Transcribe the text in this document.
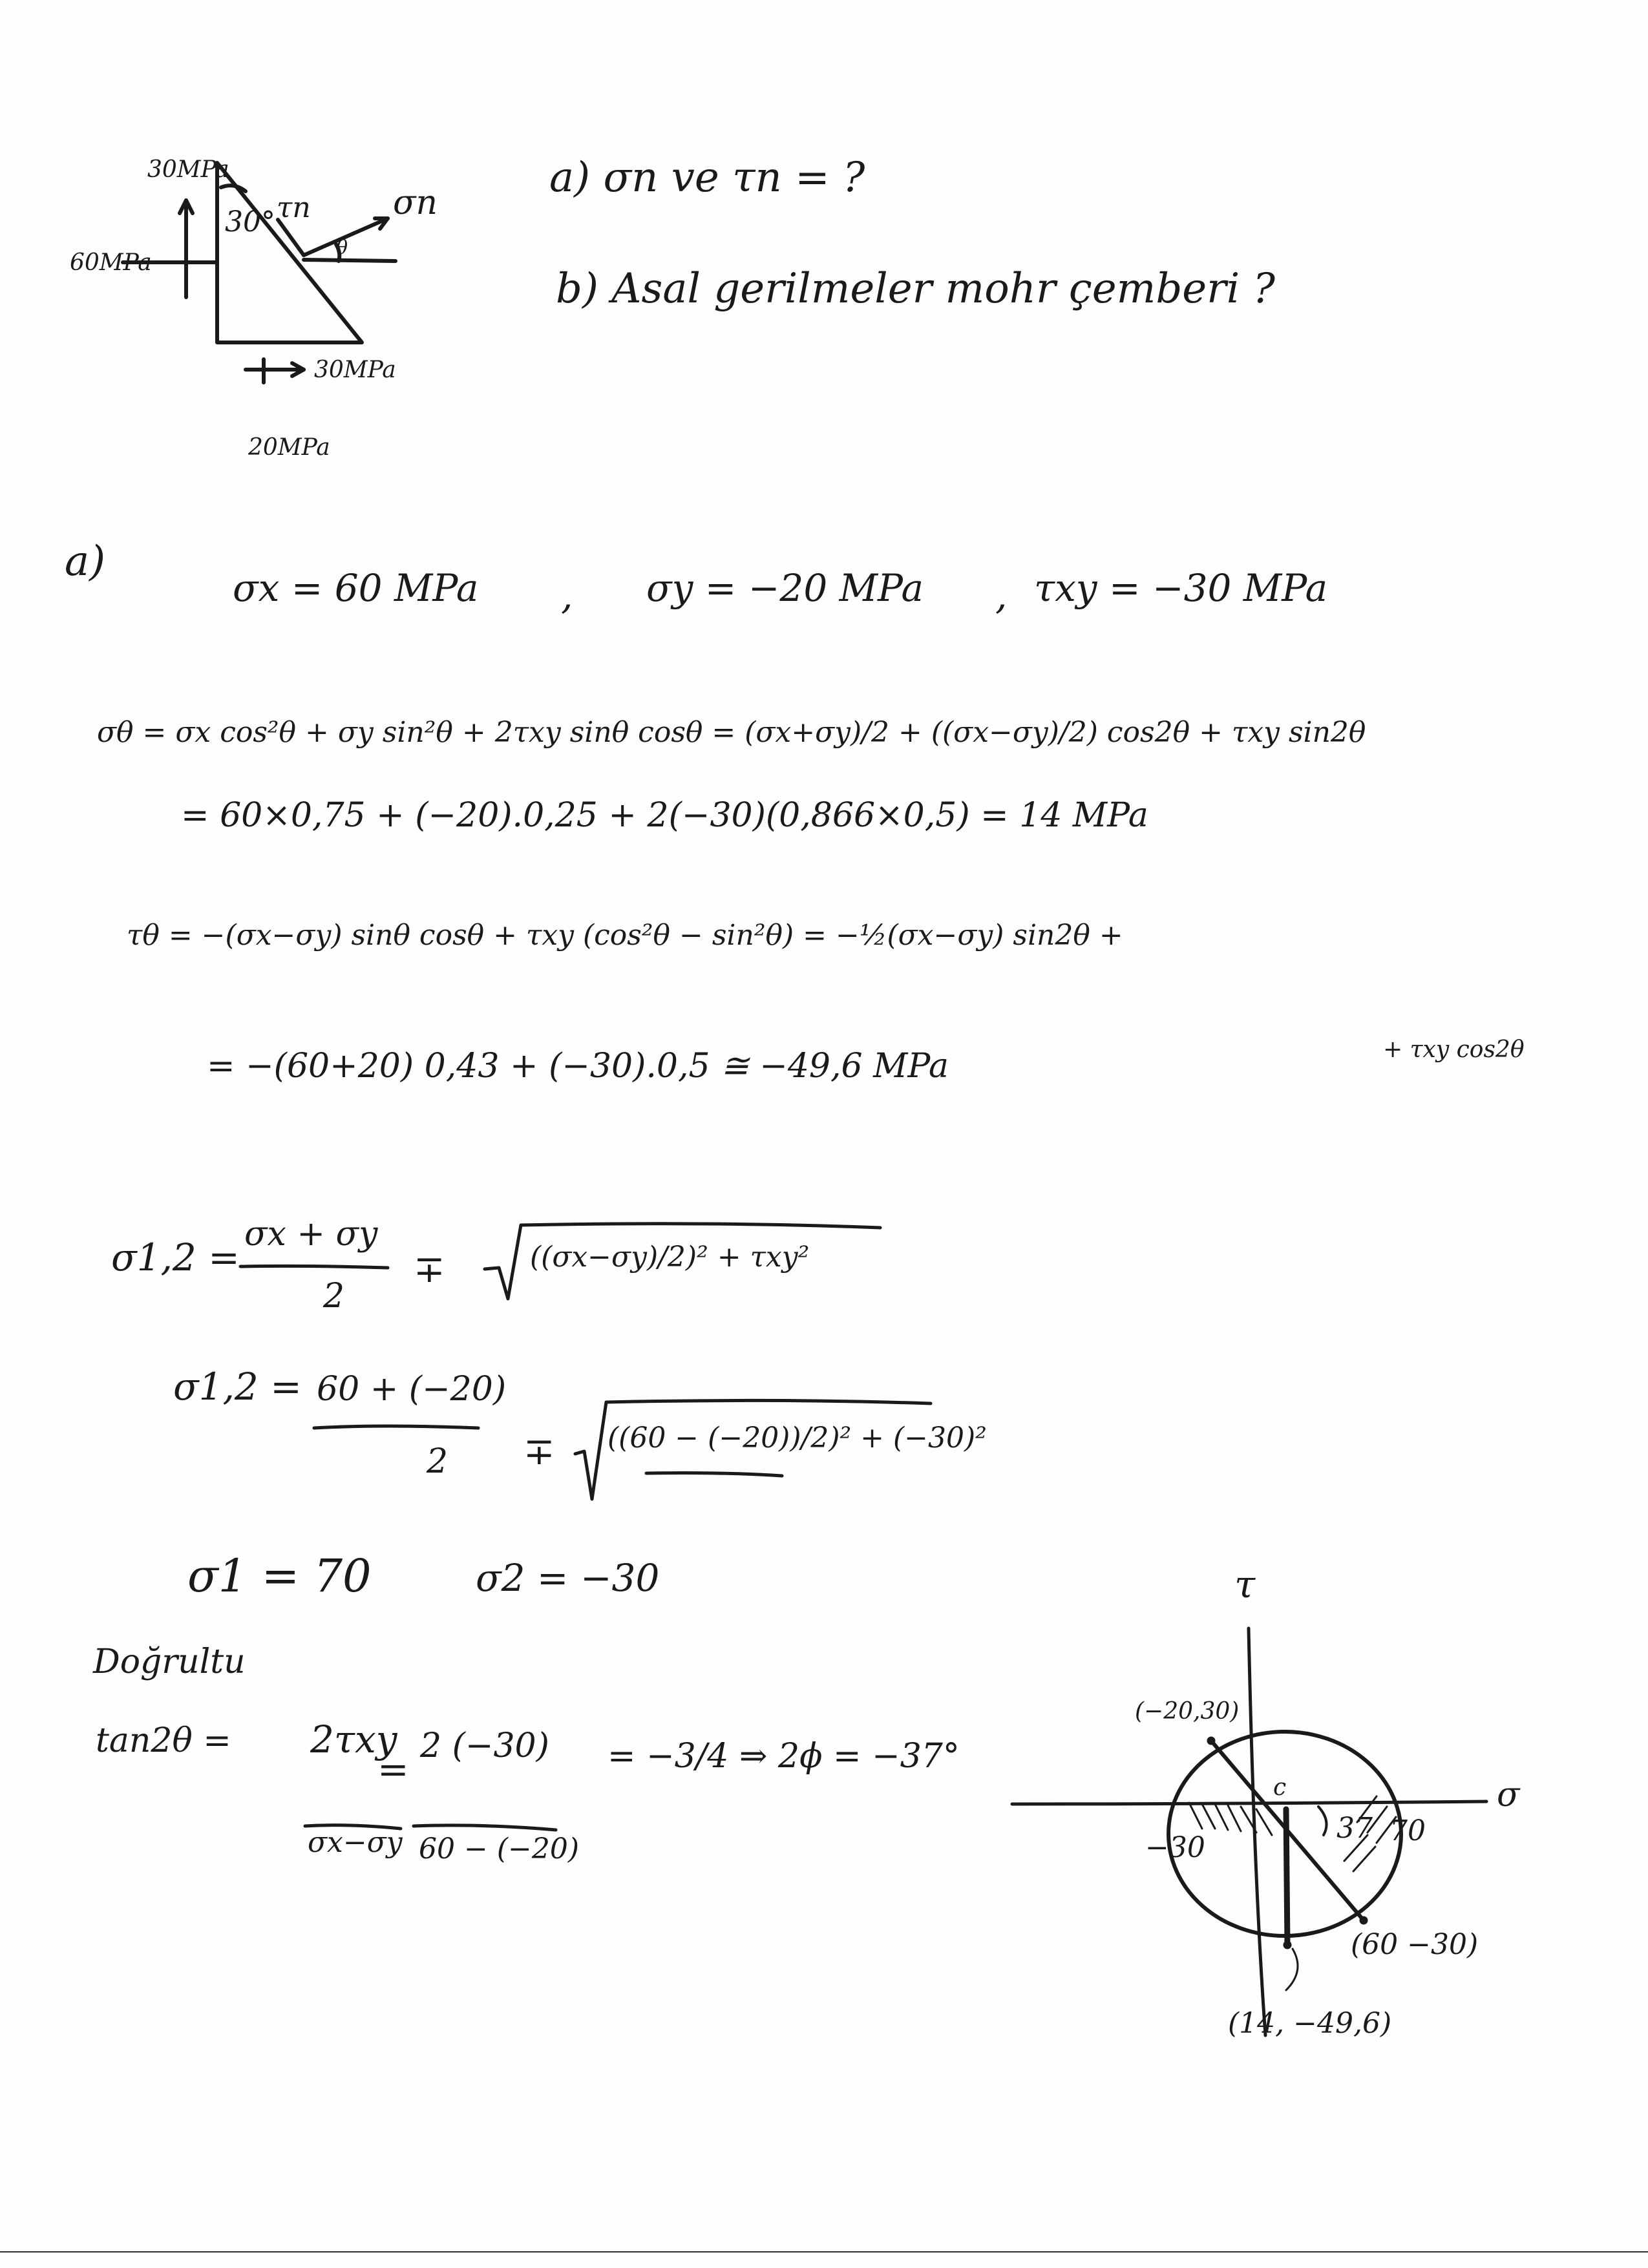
30MPa
60MPa
30MPa
20MPa
30° τn σn
θ
a) σn ve τn = ?
b) Asal gerilmeler mohr çemberi ?
a)
σx = 60 MPa , σy = −20 MPa , τxy = −30 MPa
σθ = σx cos²θ + σy sin²θ + 2τxy sinθ cosθ = (σx+σy)/2 + ((σx−σy)/2) cos2θ + τxy sin2θ
= 60×0,75 + (−20).0,25 + 2(−30)(0,866×0,5) = 14 MPa
τθ = −(σx−σy) sinθ cosθ + τxy (cos²θ − sin²θ) = −½(σx−σy) sin2θ +
+ τxy cos2θ
= −(60+20) 0,43 + (−30).0,5 ≅ −49,6 MPa
σ1,2 =
σx + σy
2
∓	((σx−σy)/2)² + τxy²
σ1,2 = 60 + (−20)
2 ∓ ((60 − (−20))/2)² + (−30)²
σ1 = 70	σ2 = −30
Doğrultu
tan2θ = 2τxy
σx−σy
=
2 (−30)
60 − (−20)
= −3/4 ⇒ 2ϕ = −37°
τ
σ
(−20,30)
(60 −30)
(14, −49,6)
−30
c
37 70
